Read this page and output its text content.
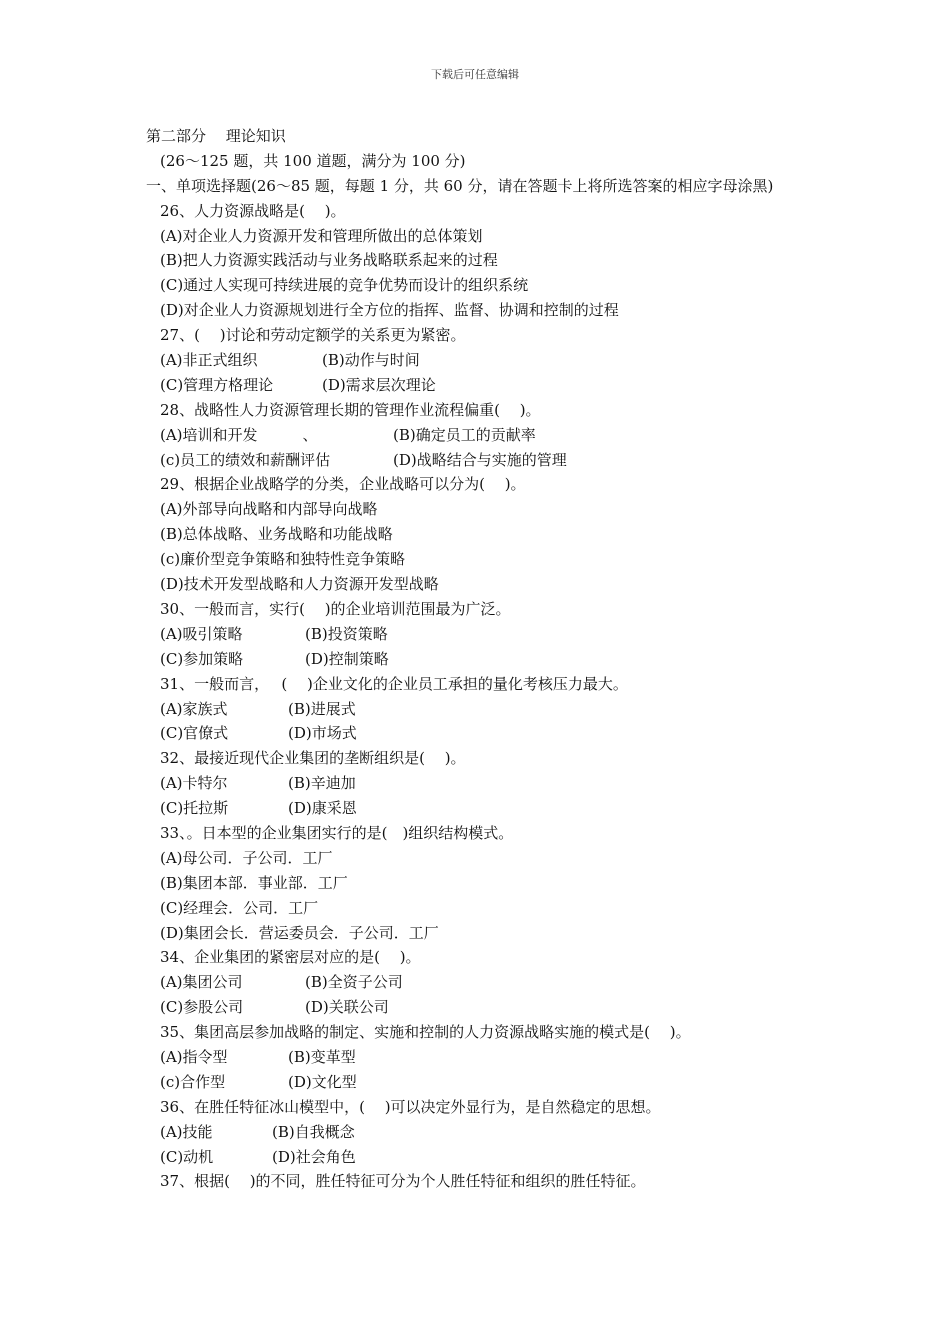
下载后可任意编辑
第二部分　 理论知识
(26～125 题，共 100 道题，满分为 100 分)
一、单项选择题(26～85 题，每题 1 分，共 60 分，请在答题卡上将所选答案的相应字母涂黑)
26、人力资源战略是(　 )。
(A)对企业人力资源开发和管理所做出的总体策划
(B)把人力资源实践活动与业务战略联系起来的过程
(C)通过人实现可持续进展的竞争优势而设计的组织系统
(D)对企业人力资源规划进行全方位的指挥、监督、协调和控制的过程
27、(　 )讨论和劳动定额学的关系更为紧密。
(A)非正式组织	(B)动作与时间
(C)管理方格理论	(D)需求层次理论
28、战略性人力资源管理长期的管理作业流程偏重(　 )。
(A)培训和开发　　　、	(B)确定员工的贡献率
(c)员工的绩效和薪酬评估	(D)战略结合与实施的管理
29、根据企业战略学的分类，企业战略可以分为(　 )。
(A)外部导向战略和内部导向战略
(B)总体战略、业务战略和功能战略
(c)廉价型竞争策略和独特性竞争策略
(D)技术开发型战略和人力资源开发型战略
30、一般而言，实行(　 )的企业培训范围最为广泛。
(A)吸引策略	(B)投资策略
(C)参加策略	(D)控制策略
31、一般而言，　 (　 )企业文化的企业员工承担的量化考核压力最大。
(A)家族式	(B)进展式
(C)官僚式	(D)市场式
32、最接近现代企业集团的垄断组织是(　 )。
(A)卡特尔	(B)辛迪加
(C)托拉斯	(D)康采恩
33、。日本型的企业集团实行的是(　)组织结构模式。
(A)母公司．子公司．工厂
(B)集团本部．事业部．工厂
(C)经理会．公司．工厂
(D)集团会长．营运委员会．子公司．工厂
34、企业集团的紧密层对应的是(　 )。
(A)集团公司	(B)全资子公司
(C)参股公司	(D)关联公司
35、集团高层参加战略的制定、实施和控制的人力资源战略实施的模式是(　 )。
(A)指令型	(B)变革型
(c)合作型	(D)文化型
36、在胜任特征冰山模型中，(　 )可以决定外显行为，是自然稳定的思想。
(A)技能	(B)自我概念
(C)动机	(D)社会角色
37、根据(　 )的不同，胜任特征可分为个人胜任特征和组织的胜任特征。
